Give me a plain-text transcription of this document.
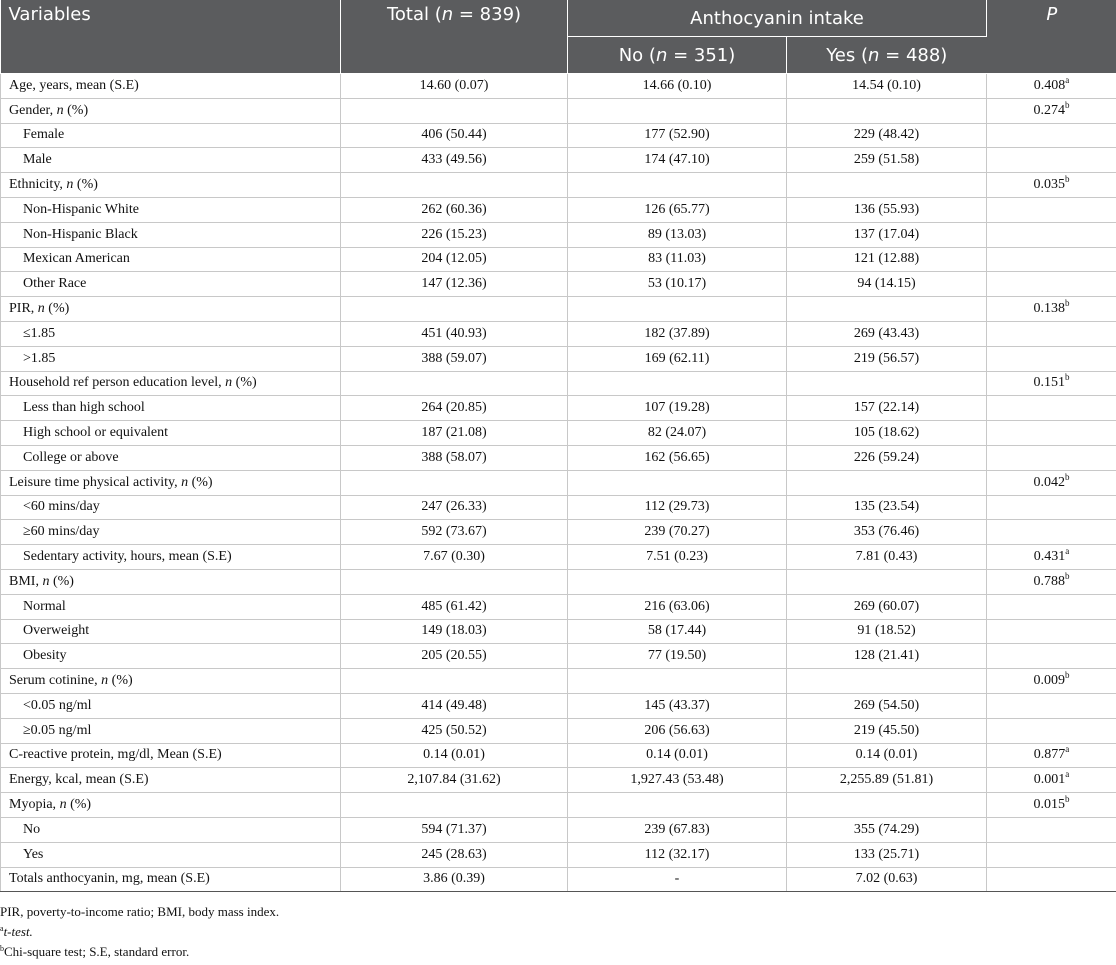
Variables	Total (n = 839)	Anthocyanin intake		P
		No (n = 351)	Yes (n = 488)	
Age, years, mean (S.E)	14.60 (0.07)	14.66 (0.10)	14.54 (0.10)	0.408$^a$
Gender, n (%)				0.274$^b$
Female	406 (50.44)	177 (52.90)	229 (48.42)	
Male	433 (49.56)	174 (47.10)	259 (51.58)	
Ethnicity, n (%)				0.035$^b$
Non-Hispanic White	262 (60.36)	126 (65.77)	136 (55.93)	
Non-Hispanic Black	226 (15.23)	89 (13.03)	137 (17.04)	
Mexican American	204 (12.05)	83 (11.03)	121 (12.88)	
Other Race	147 (12.36)	53 (10.17)	94 (14.15)	
PIR, n (%)				0.138$^b$
≤1.85	451 (40.93)	182 (37.89)	269 (43.43)	
>1.85	388 (59.07)	169 (62.11)	219 (56.57)	
Household ref person education level, n (%)				0.151$^b$
Less than high school	264 (20.85)	107 (19.28)	157 (22.14)	
High school or equivalent	187 (21.08)	82 (24.07)	105 (18.62)	
College or above	388 (58.07)	162 (56.65)	226 (59.24)	
Leisure time physical activity, n (%)				0.042$^b$
<60 mins/day	247 (26.33)	112 (29.73)	135 (23.54)	
≥60 mins/day	592 (73.67)	239 (70.27)	353 (76.46)	
Sedentary activity, hours, mean (S.E)	7.67 (0.30)	7.51 (0.23)	7.81 (0.43)	0.431$^a$
BMI, n (%)				0.788$^b$
Normal	485 (61.42)	216 (63.06)	269 (60.07)	
Overweight	149 (18.03)	58 (17.44)	91 (18.52)	
Obesity	205 (20.55)	77 (19.50)	128 (21.41)	
Serum cotinine, n (%)				0.009$^b$
<0.05 ng/ml	414 (49.48)	145 (43.37)	269 (54.50)	
≥0.05 ng/ml	425 (50.52)	206 (56.63)	219 (45.50)	
C-reactive protein, mg/dl, Mean (S.E)	0.14 (0.01)	0.14 (0.01)	0.14 (0.01)	0.877$^a$
Energy, kcal, mean (S.E)	2,107.84 (31.62)	1,927.43 (53.48)	2,255.89 (51.81)	0.001$^a$
Myopia, n (%)				0.015$^b$
No	594 (71.37)	239 (67.83)	355 (74.29)	
Yes	245 (28.63)	112 (32.17)	133 (25.71)	
Totals anthocyanin, mg, mean (S.E)	3.86 (0.39)	-	7.02 (0.63)	
PIR, poverty-to-income ratio; BMI, body mass index.
$^a$t-test.
$^b$Chi-square test; S.E, standard error.
